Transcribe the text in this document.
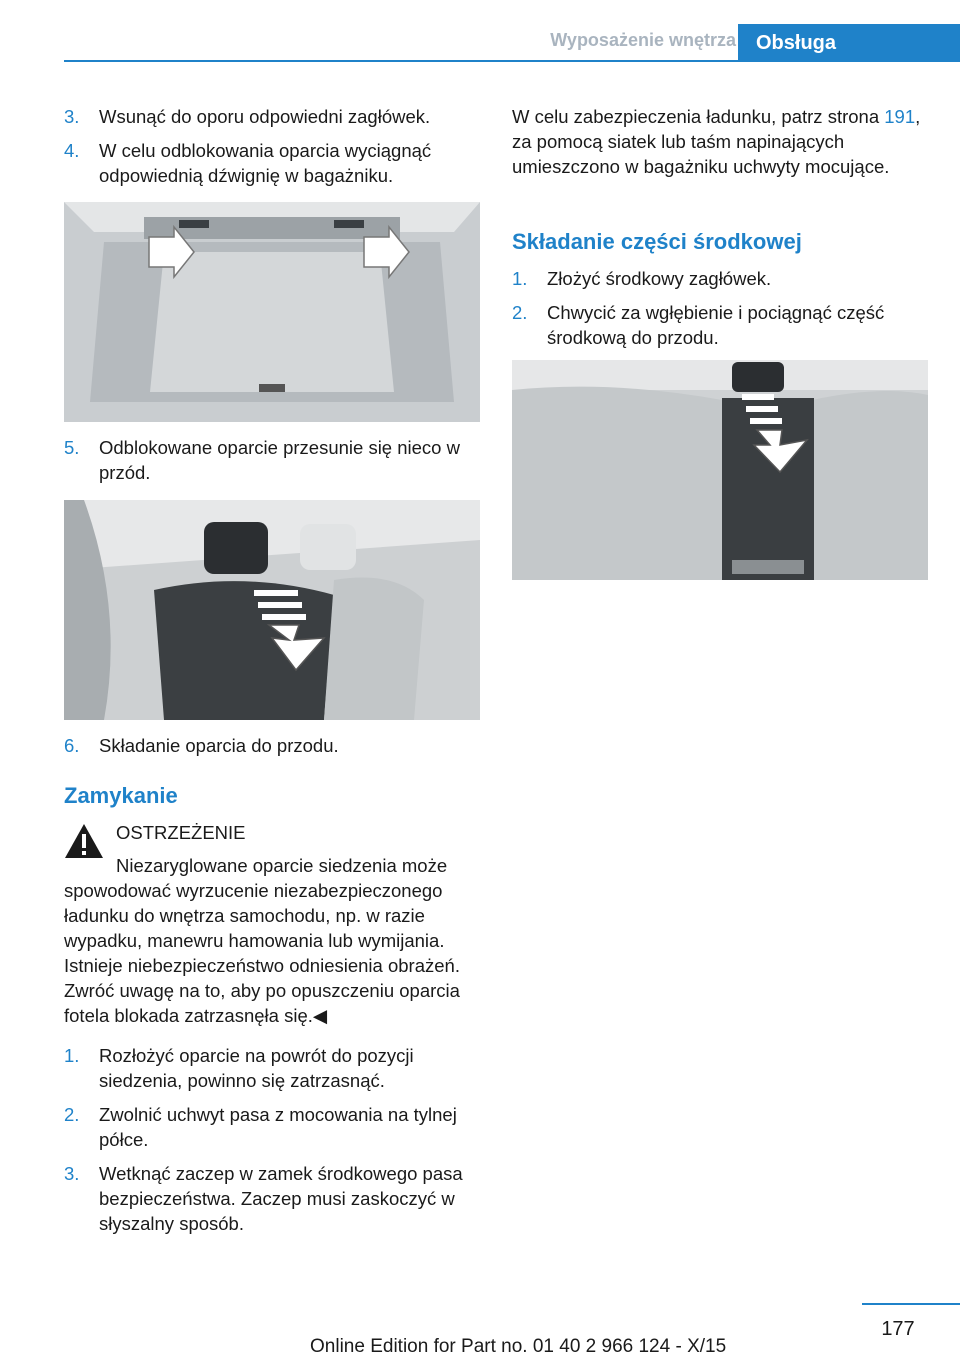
Wyposażenie wnętrza	Obsługa
3. Wsunąć do oporu odpowiedni zagłówek.
4. W celu odblokowania oparcia wyciągnąć odpowiednią dźwignię w bagażniku.
5. Odblokowane oparcie przesunie się nieco w przód.
6. Składanie oparcia do przodu.
Zamykanie
OSTRZEŻENIE
Niezaryglowane oparcie siedzenia może spowodować wyrzucenie niezabezpieczonego ładunku do wnętrza samochodu, np. w razie wypadku, manewru hamowania lub wymijania. Istnieje niebezpieczeństwo odniesienia obrażeń. Zwróć uwagę na to, aby po opuszczeniu oparcia fotela blokada zatrzasnęła się.◀
1. Rozłożyć oparcie na powrót do pozycji siedzenia, powinno się zatrzasnąć.
2. Zwolnić uchwyt pasa z mocowania na tylnej półce.
3. Wetknąć zaczep w zamek środkowego pasa bezpieczeństwa. Zaczep musi zaskoczyć w słyszalny sposób.

W celu zabezpieczenia ładunku, patrz strona 191, za pomocą siatek lub taśm napinających umieszczono w bagażniku uchwyty mocujące.

Składanie części środkowej
1. Złożyć środkowy zagłówek.
2. Chwycić za wgłębienie i pociągnąć część środkową do przodu.
177
Online Edition for Part no. 01 40 2 966 124 - X/15
